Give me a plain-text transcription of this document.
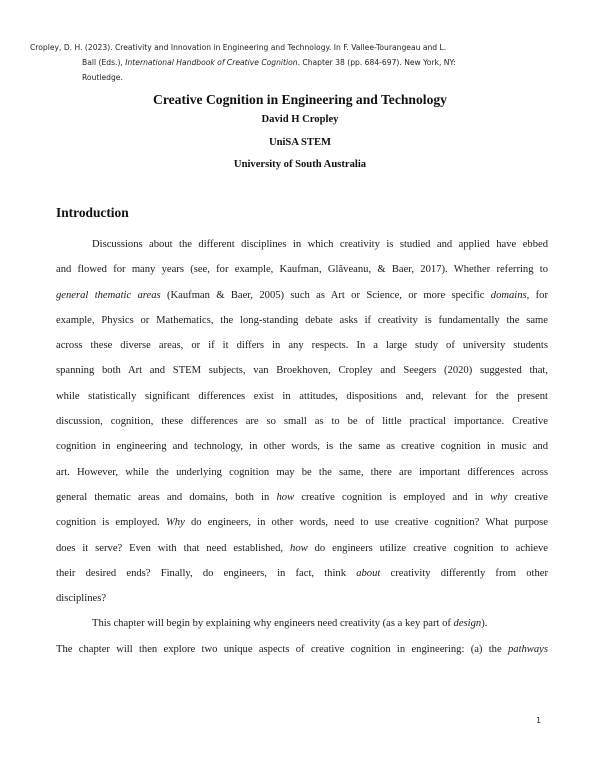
Cropley, D. H. (2023). Creativity and Innovation in Engineering and Technology. In F. Vallee-Tourangeau and L.
Ball (Eds.), International Handbook of Creative Cognition. Chapter 38 (pp. 684-697). New York, NY:
Routledge.
Creative Cognition in Engineering and Technology
David H Cropley
UniSA STEM
University of South Australia
Introduction
Discussions about the different disciplines in which creativity is studied and applied have ebbed
and flowed for many years (see, for example, Kaufman, Glăveanu, & Baer, 2017). Whether referring to
general thematic areas (Kaufman & Baer, 2005) such as Art or Science, or more specific domains, for
example, Physics or Mathematics, the long-standing debate asks if creativity is fundamentally the same
across these diverse areas, or if it differs in any respects. In a large study of university students
spanning both Art and STEM subjects, van Broekhoven, Cropley and Seegers (2020) suggested that,
while statistically significant differences exist in attitudes, dispositions and, relevant for the present
discussion, cognition, these differences are so small as to be of little practical importance. Creative
cognition in engineering and technology, in other words, is the same as creative cognition in music and
art. However, while the underlying cognition may be the same, there are important differences across
general thematic areas and domains, both in how creative cognition is employed and in why creative
cognition is employed. Why do engineers, in other words, need to use creative cognition? What purpose
does it serve? Even with that need established, how do engineers utilize creative cognition to achieve
their desired ends? Finally, do engineers, in fact, think about creativity differently from other
disciplines?
This chapter will begin by explaining why engineers need creativity (as a key part of design).
The chapter will then explore two unique aspects of creative cognition in engineering: (a) the pathways
1
